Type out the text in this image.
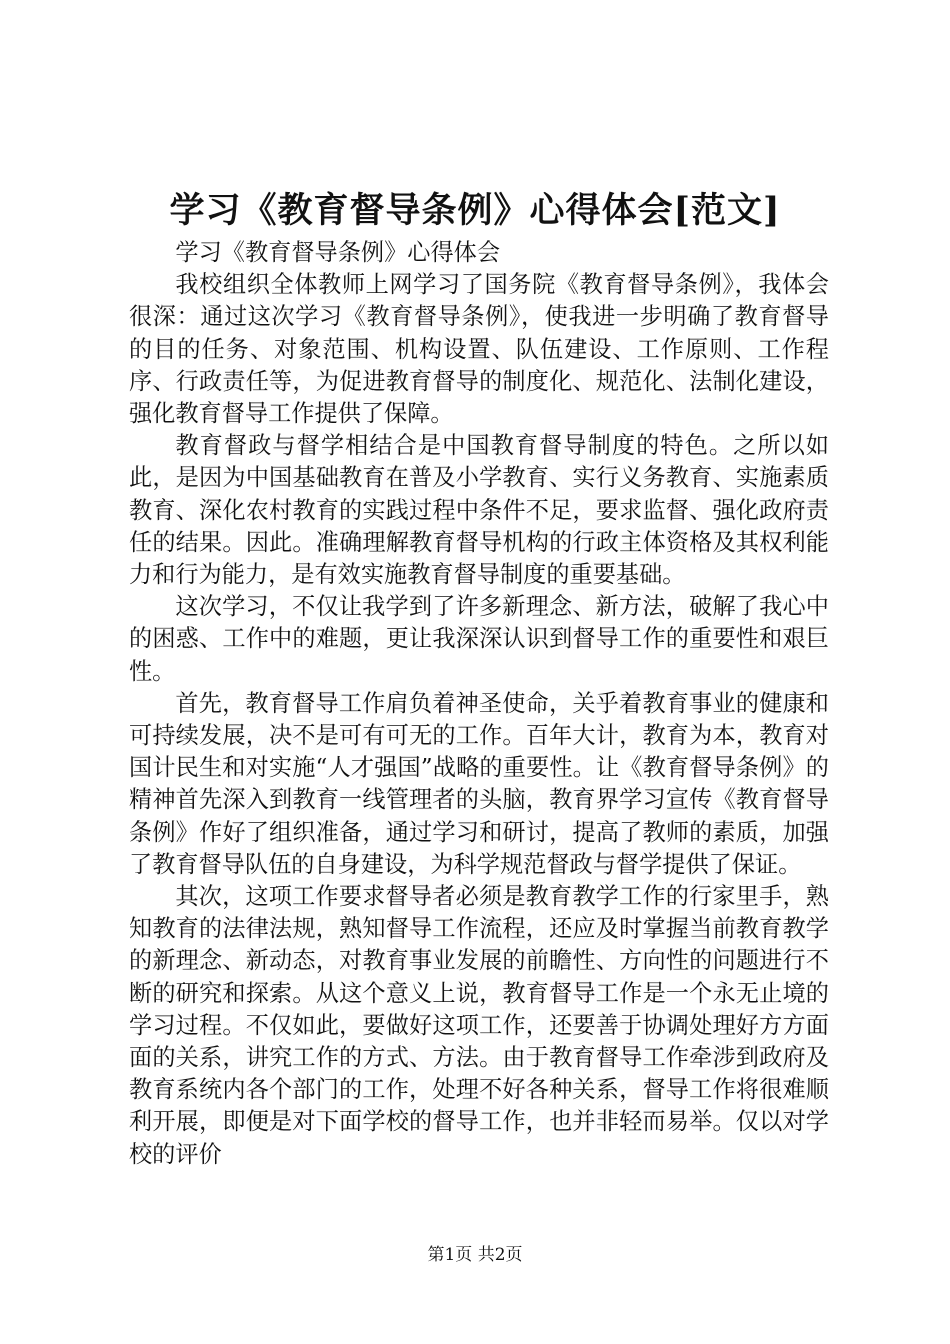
学习《教育督导条例》心得体会[范文]

学习《教育督导条例》心得体会

我校组织全体教师上网学习了国务院《教育督导条例》，我体会很深：通过这次学习《教育督导条例》，使我进一步明确了教育督导的目的任务、对象范围、机构设置、队伍建设、工作原则、工作程序、行政责任等，为促进教育督导的制度化、规范化、法制化建设，强化教育督导工作提供了保障。

教育督政与督学相结合是中国教育督导制度的特色。之所以如此，是因为中国基础教育在普及小学教育、实行义务教育、实施素质教育、深化农村教育的实践过程中条件不足，要求监督、强化政府责任的结果。因此。准确理解教育督导机构的行政主体资格及其权利能力和行为能力，是有效实施教育督导制度的重要基础。

这次学习，不仅让我学到了许多新理念、新方法，破解了我心中的困惑、工作中的难题，更让我深深认识到督导工作的重要性和艰巨性。

首先，教育督导工作肩负着神圣使命，关乎着教育事业的健康和可持续发展，决不是可有可无的工作。百年大计，教育为本，教育对国计民生和对实施“人才强国”战略的重要性。让《教育督导条例》的精神首先深入到教育一线管理者的头脑，教育界学习宣传《教育督导条例》作好了组织准备，通过学习和研讨，提高了教师的素质，加强了教育督导队伍的自身建设，为科学规范督政与督学提供了保证。

其次，这项工作要求督导者必须是教育教学工作的行家里手，熟知教育的法律法规，熟知督导工作流程，还应及时掌握当前教育教学的新理念、新动态，对教育事业发展的前瞻性、方向性的问题进行不断的研究和探索。从这个意义上说，教育督导工作是一个永无止境的学习过程。不仅如此，要做好这项工作，还要善于协调处理好方方面面的关系，讲究工作的方式、方法。由于教育督导工作牵涉到政府及教育系统内各个部门的工作，处理不好各种关系，督导工作将很难顺利开展，即便是对下面学校的督导工作，也并非轻而易举。仅以对学校的评价

第1页 共2页
